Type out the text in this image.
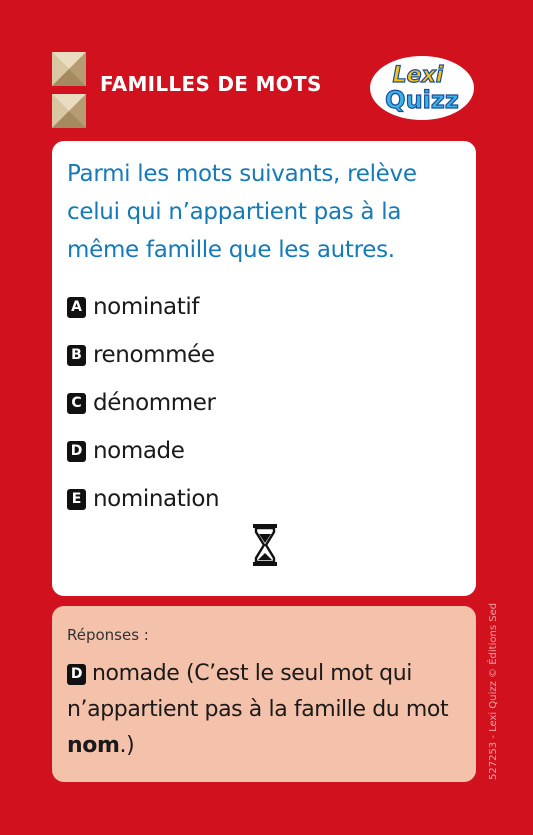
FAMILLES DE MOTS	Lexi
Quizz
Parmi les mots suivants, relève celui qui n’appartient pas à la même famille que les autres.
A nominatif
B renommée
C dénommer
D nomade
E nomination
Réponses :
D nomade (C’est le seul mot qui n’appartient pas à la famille du mot nom.)	527253 - Lexi Quizz © Éditions Sed
